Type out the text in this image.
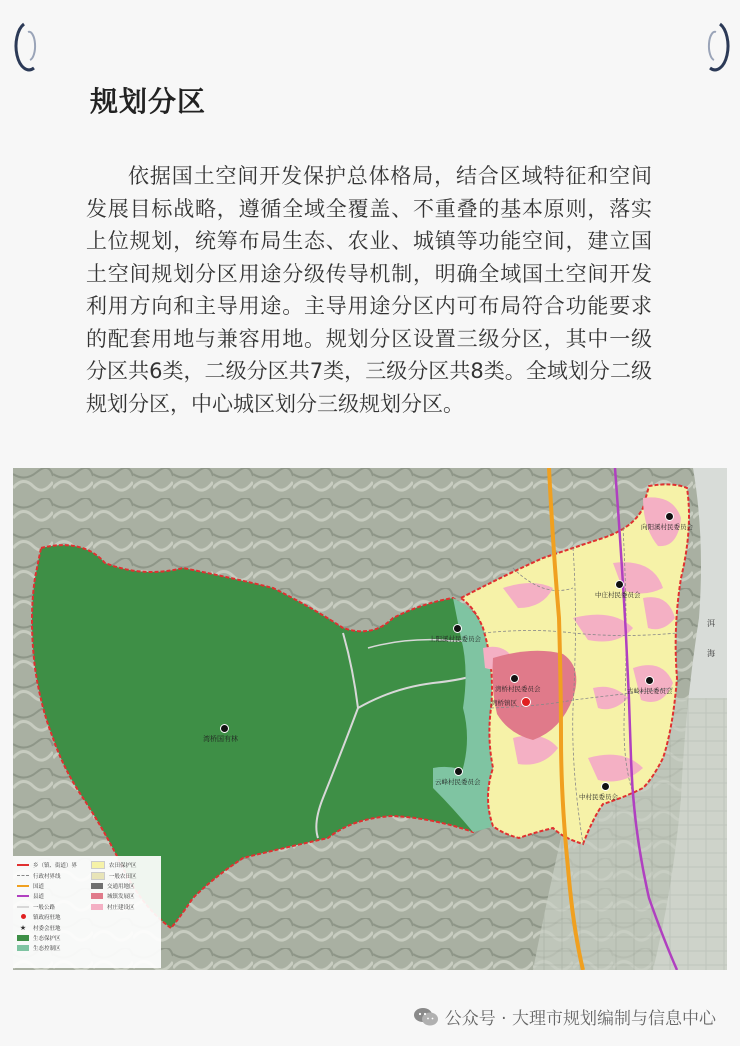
规划分区

依据国土空间开发保护总体格局，结合区域特征和空间发展目标战略，遵循全域全覆盖、不重叠的基本原则，落实上位规划，统筹布局生态、农业、城镇等功能空间，建立国土空间规划分区用途分级传导机制，明确全域国土空间开发利用方向和主导用途。主导用途分区内可布局符合功能要求的配套用地与兼容用地。规划分区设置三级分区，其中一级分区共6类，二级分区共7类，三级分区共8类。全域划分二级规划分区，中心城区划分三级规划分区。

湾桥国有林
上阳溪村民委员会
湾桥村民委员会
湾桥镇区
云峰村民委员会
向阳溪村民委员会
中庄村民委员会
古岭村民委员会
中村民委员会
洱
海
乡（镇、街道）界
行政村界线
国道
县道
一般公路
镇政府驻地
★	村委会驻地
生态保护区
生态控制区
农田保护区
一般农田区
交通用地区
城镇发展区
村庄建设区
公众号 · 大理市规划编制与信息中心
